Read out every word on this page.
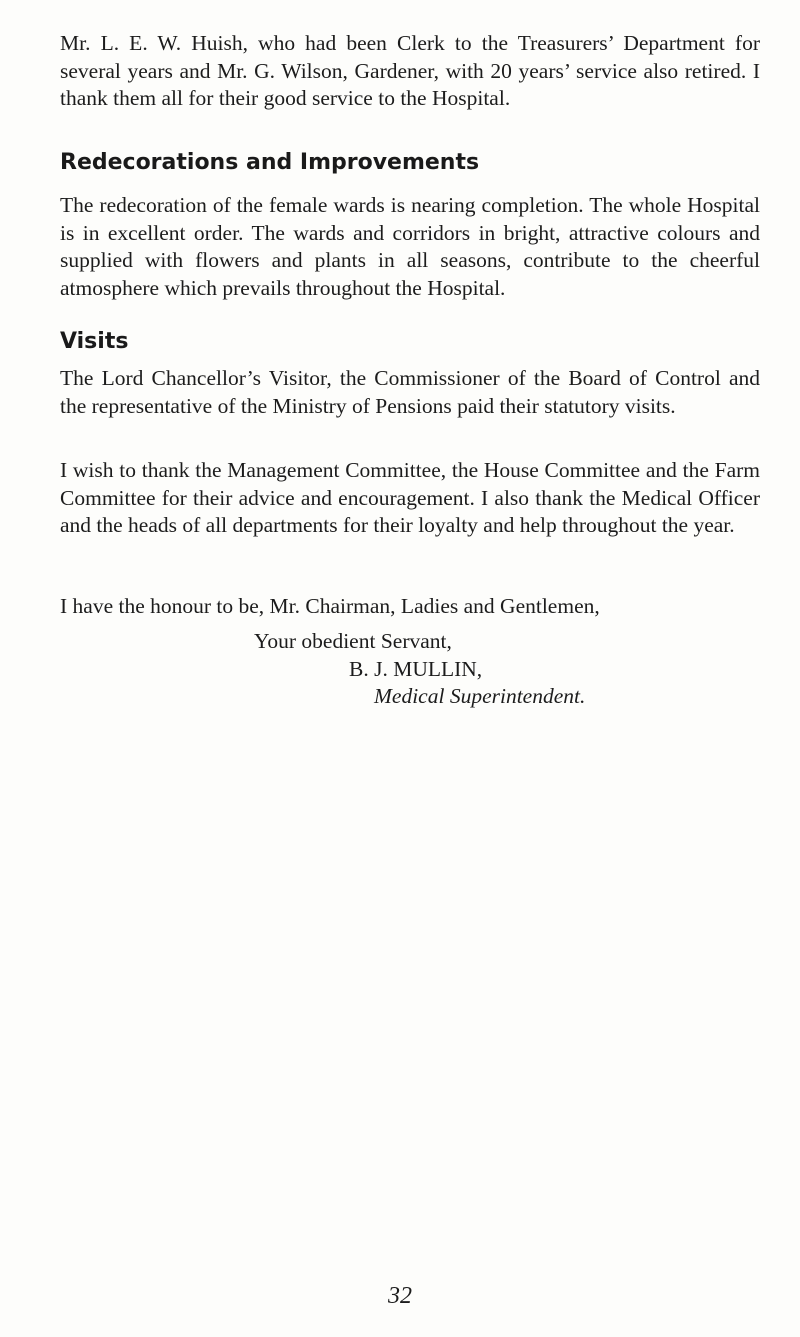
Mr. L. E. W. Huish, who had been Clerk to the Treasurers’ Department for several years and Mr. G. Wilson, Gardener, with 20 years’ service also retired. I thank them all for their good service to the Hospital.

Redecorations and Improvements

The redecoration of the female wards is nearing completion. The whole Hospital is in excellent order. The wards and corridors in bright, attractive colours and supplied with flowers and plants in all seasons, contribute to the cheerful atmosphere which prevails throughout the Hospital.

Visits

The Lord Chancellor’s Visitor, the Commissioner of the Board of Control and the representative of the Ministry of Pensions paid their statutory visits.

I wish to thank the Management Committee, the House Committee and the Farm Committee for their advice and encouragement. I also thank the Medical Officer and the heads of all departments for their loyalty and help throughout the year.

I have the honour to be, Mr. Chairman, Ladies and Gentlemen,

Your obedient Servant,
B. J. MULLIN,
Medical Superintendent.
32
